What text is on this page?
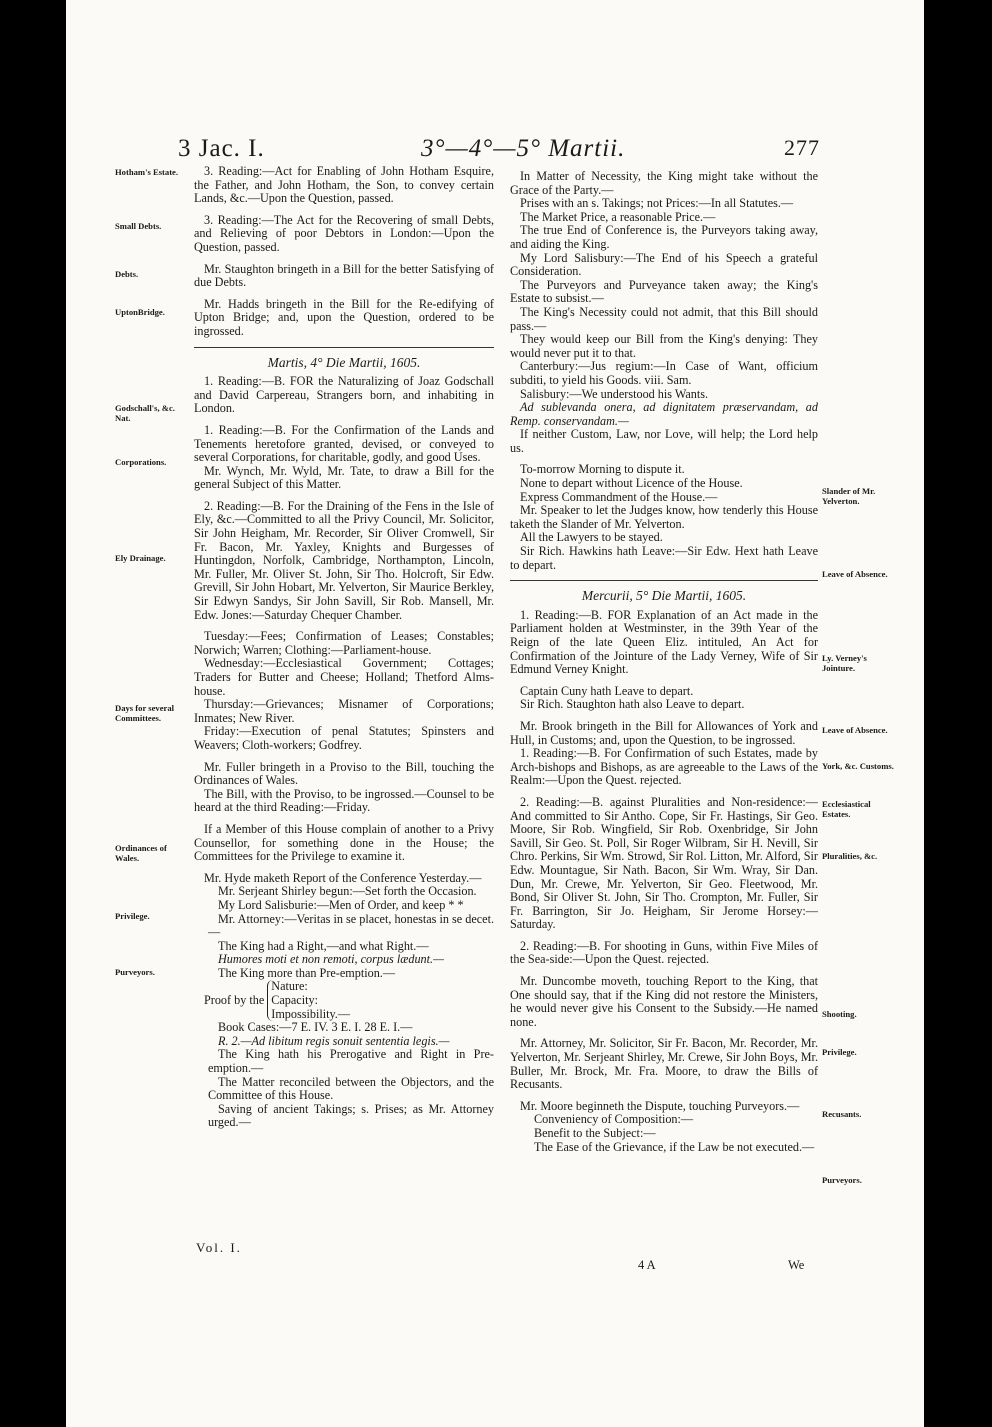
3 Jac. I.	3°—4°—5° Martii.	277
Hotham's Estate.
Small Debts.
Debts.
UptonBridge.
Godschall's, &c. Nat.
Corporations.
Ely Drainage.
Days for several Committees.
Ordinances of Wales.
Privilege.
Purveyors.
Slander of Mr. Yelverton.
Leave of Absence.
Ly. Verney's Jointure.
Leave of Absence.
York, &c. Customs.
Ecclesiastical Estates.
Pluralities, &c.
Shooting.
Privilege.
Recusants.
Purveyors.

3. Reading:—Act for Enabling of John Hotham Esquire, the Father, and John Hotham, the Son, to convey certain Lands, &c.—Upon the Question, passed.

3. Reading:—The Act for the Recovering of small Debts, and Relieving of poor Debtors in London:—Upon the Question, passed.

Mr. Staughton bringeth in a Bill for the better Satisfying of due Debts.

Mr. Hadds bringeth in the Bill for the Re-edifying of Upton Bridge; and, upon the Question, ordered to be ingrossed.

Martis, 4° Die Martii, 1605.

1. Reading:—B. FOR the Naturalizing of Joaz Godschall and David Carpereau, Strangers born, and inhabiting in London.

1. Reading:—B. For the Confirmation of the Lands and Tenements heretofore granted, devised, or conveyed to several Corporations, for charitable, godly, and good Uses.

Mr. Wynch, Mr. Wyld, Mr. Tate, to draw a Bill for the general Subject of this Matter.

2. Reading:—B. For the Draining of the Fens in the Isle of Ely, &c.—Committed to all the Privy Council, Mr. Solicitor, Sir John Heigham, Mr. Recorder, Sir Oliver Cromwell, Sir Fr. Bacon, Mr. Yaxley, Knights and Burgesses of Huntingdon, Norfolk, Cambridge, Northampton, Lincoln, Mr. Fuller, Mr. Oliver St. John, Sir Tho. Holcroft, Sir Edw. Grevill, Sir John Hobart, Mr. Yelverton, Sir Maurice Berkley, Sir Edwyn Sandys, Sir John Savill, Sir Rob. Mansell, Mr. Edw. Jones:—Saturday Chequer Chamber.

Tuesday:—Fees; Confirmation of Leases; Constables; Norwich; Warren; Clothing:—Parliament-house.

Wednesday:—Ecclesiastical Government; Cottages; Traders for Butter and Cheese; Holland; Thetford Alms-house.

Thursday:—Grievances; Misnamer of Corporations; Inmates; New River.

Friday:—Execution of penal Statutes; Spinsters and Weavers; Cloth-workers; Godfrey.

Mr. Fuller bringeth in a Proviso to the Bill, touching the Ordinances of Wales.

The Bill, with the Proviso, to be ingrossed.—Counsel to be heard at the third Reading:—Friday.

If a Member of this House complain of another to a Privy Counsellor, for something done in the House; the Committees for the Privilege to examine it.

Mr. Hyde maketh Report of the Conference Yesterday.—

Mr. Serjeant Shirley begun:—Set forth the Occasion.

My Lord Salisburie:—Men of Order, and keep * *

Mr. Attorney:—Veritas in se placet, honestas in se decet.—

The King had a Right,—and what Right.—

Humores moti et non remoti, corpus lædunt.—

The King more than Pre-emption.—

Proof by the
Nature:
Capacity:
Impossibility.—

Book Cases:—7 E. IV. 3 E. I. 28 E. I.—

R. 2.—Ad libitum regis sonuit sententia legis.—

The King hath his Prerogative and Right in Pre-emption.—

The Matter reconciled between the Objectors, and the Committee of this House.

Saving of ancient Takings; s. Prises; as Mr. Attorney urged.—

In Matter of Necessity, the King might take without the Grace of the Party.—

Prises with an s. Takings; not Prices:—In all Statutes.—

The Market Price, a reasonable Price.—

The true End of Conference is, the Purveyors taking away, and aiding the King.

My Lord Salisbury:—The End of his Speech a grateful Consideration.

The Purveyors and Purveyance taken away; the King's Estate to subsist.—

The King's Necessity could not admit, that this Bill should pass.—

They would keep our Bill from the King's denying: They would never put it to that.

Canterbury:—Jus regium:—In Case of Want, officium subditi, to yield his Goods. viii. Sam.

Salisbury:—We understood his Wants.

Ad sublevanda onera, ad dignitatem præservandam, ad Remp. conservandam.—

If neither Custom, Law, nor Love, will help; the Lord help us.

To-morrow Morning to dispute it.

None to depart without Licence of the House.

Express Commandment of the House.—

Mr. Speaker to let the Judges know, how tenderly this House taketh the Slander of Mr. Yelverton.

All the Lawyers to be stayed.

Sir Rich. Hawkins hath Leave:—Sir Edw. Hext hath Leave to depart.

Mercurii, 5° Die Martii, 1605.

1. Reading:—B. FOR Explanation of an Act made in the Parliament holden at Westminster, in the 39th Year of the Reign of the late Queen Eliz. intituled, An Act for Confirmation of the Jointure of the Lady Verney, Wife of Sir Edmund Verney Knight.

Captain Cuny hath Leave to depart.

Sir Rich. Staughton hath also Leave to depart.

Mr. Brook bringeth in the Bill for Allowances of York and Hull, in Customs; and, upon the Question, to be ingrossed.

1. Reading:—B. For Confirmation of such Estates, made by Arch-bishops and Bishops, as are agreeable to the Laws of the Realm:—Upon the Quest. rejected.

2. Reading:—B. against Pluralities and Non-residence:—And committed to Sir Antho. Cope, Sir Fr. Hastings, Sir Geo. Moore, Sir Rob. Wingfield, Sir Rob. Oxenbridge, Sir John Savill, Sir Geo. St. Poll, Sir Roger Wilbram, Sir H. Nevill, Sir Chro. Perkins, Sir Wm. Strowd, Sir Rol. Litton, Mr. Alford, Sir Edw. Mountague, Sir Nath. Bacon, Sir Wm. Wray, Sir Dan. Dun, Mr. Crewe, Mr. Yelverton, Sir Geo. Fleetwood, Mr. Bond, Sir Oliver St. John, Sir Tho. Crompton, Mr. Fuller, Sir Fr. Barrington, Sir Jo. Heigham, Sir Jerome Horsey:—Saturday.

2. Reading:—B. For shooting in Guns, within Five Miles of the Sea-side:—Upon the Quest. rejected.

Mr. Duncombe moveth, touching Report to the King, that One should say, that if the King did not restore the Ministers, he would never give his Consent to the Subsidy.—He named none.

Mr. Attorney, Mr. Solicitor, Sir Fr. Bacon, Mr. Recorder, Mr. Yelverton, Mr. Serjeant Shirley, Mr. Crewe, Sir John Boys, Mr. Buller, Mr. Brock, Mr. Fra. Moore, to draw the Bills of Recusants.

Mr. Moore beginneth the Dispute, touching Purveyors.—

Conveniency of Composition:—

Benefit to the Subject:—

The Ease of the Grievance, if the Law be not executed.—

Vol. I.
4 A	We
